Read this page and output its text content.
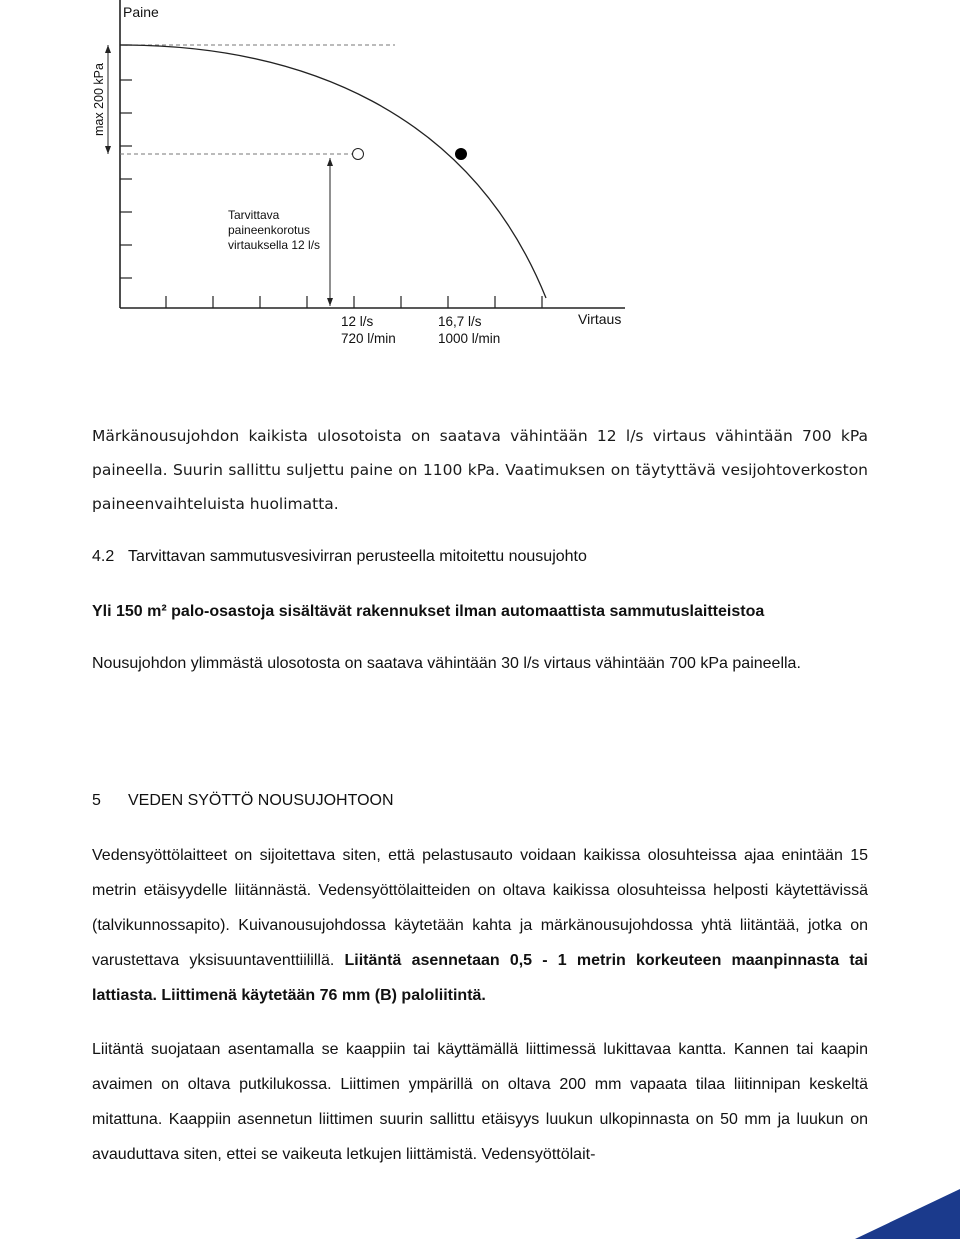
Paine
Virtaus
max 200 kPa
Tarvittava
paineenkorotus
virtauksella 12 l/s
12 l/s
720 l/min
16,7 l/s
1000 l/min

Märkänousujohdon kaikista ulosotoista on saatava vähintään 12 l/s virtaus vähintään 700 kPa paineella. Suurin sallittu suljettu paine on 1100 kPa. Vaatimuksen on täytyttävä vesijohtoverkoston paineenvaihteluista huolimatta.

4.2 Tarvittavan sammutusvesivirran perusteella mitoitettu nousujohto

Yli 150 m² palo-osastoja sisältävät rakennukset ilman automaattista sammutuslaitteistoa

Nousujohdon ylimmästä ulosotosta on saatava vähintään 30 l/s virtaus vähintään 700 kPa paineella.

5 VEDEN SYÖTTÖ NOUSUJOHTOON

Vedensyöttölaitteet on sijoitettava siten, että pelastusauto voidaan kaikissa olosuhteissa ajaa enintään 15 metrin etäisyydelle liitännästä. Vedensyöttölaitteiden on oltava kaikissa olosuhteissa helposti käytettävissä (talvikunnossapito). Kuivanousujohdossa käytetään kahta ja märkänousujohdossa yhtä liitäntää, jotka on varustettava yksisuuntaventtiilillä. Liitäntä asennetaan 0,5 - 1 metrin korkeuteen maanpinnasta tai lattiasta. Liittimenä käytetään 76 mm (B) paloliitintä.

Liitäntä suojataan asentamalla se kaappiin tai käyttämällä liittimessä lukittavaa kantta. Kannen tai kaapin avaimen on oltava putkilukossa. Liittimen ympärillä on oltava 200 mm vapaata tilaa liitinnipan keskeltä mitattuna. Kaappiin asennetun liittimen suurin sallittu etäisyys luukun ulkopinnasta on 50 mm ja luukun on avauduttava siten, ettei se vaikeuta letkujen liittämistä. Vedensyöttölait-
